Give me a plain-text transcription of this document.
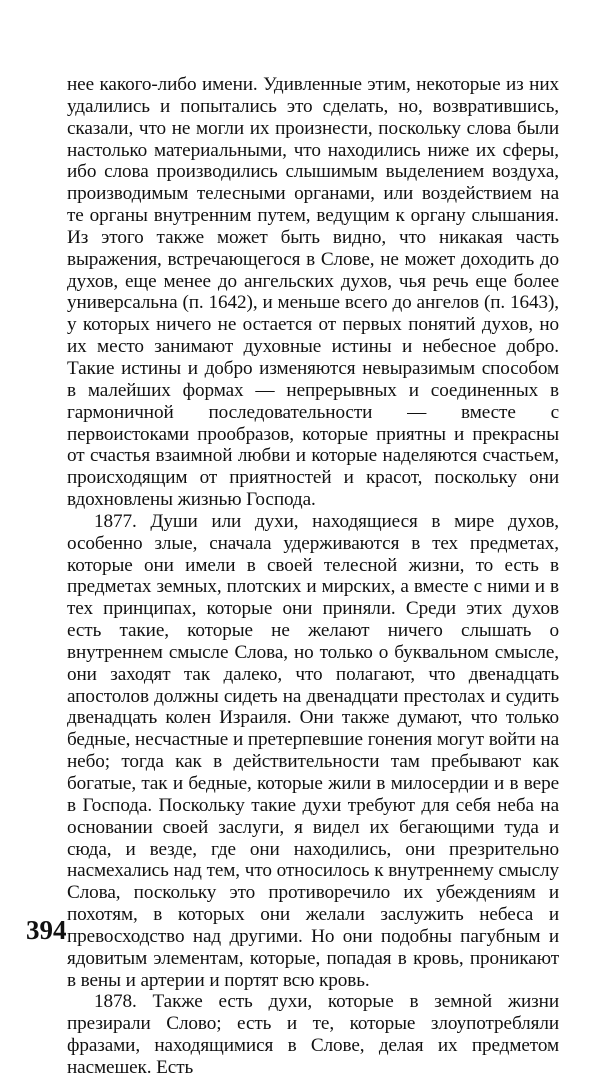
нее какого-либо имени. Удивленные этим, некоторые из них удалились и попытались это сделать, но, возвратившись, сказали, что не могли их произнести, поскольку слова были настолько материальными, что находились ниже их сферы, ибо слова производились слышимым выделением воздуха, производимым телесными органами, или воздействием на те органы внутренним путем, ведущим к органу слышания. Из этого также может быть видно, что никакая часть выражения, встречающегося в Слове, не может доходить до духов, еще менее до ангельских духов, чья речь еще более универсальна (п. 1642), и меньше всего до ангелов (п. 1643), у которых ничего не остается от первых понятий духов, но их место занимают духовные истины и небесное добро. Такие истины и добро изменяются невыразимым способом в малейших формах — непрерывных и соединенных в гармоничной последовательности — вместе с первоистоками прообразов, которые приятны и прекрасны от счастья взаимной любви и которые наделяются счастьем, происходящим от приятностей и красот, поскольку они вдохновлены жизнью Господа.

1877. Души или духи, находящиеся в мире духов, особенно злые, сначала удерживаются в тех предметах, которые они имели в своей телесной жизни, то есть в предметах земных, плотских и мирских, а вместе с ними и в тех принципах, которые они приняли. Среди этих духов есть такие, которые не желают ничего слышать о внутреннем смысле Слова, но только о буквальном смысле, они заходят так далеко, что полагают, что двенадцать апостолов должны сидеть на двенадцати престолах и судить двенадцать колен Израиля. Они также думают, что только бедные, несчастные и претерпевшие гонения могут войти на небо; тогда как в действительности там пребывают как богатые, так и бедные, которые жили в милосердии и в вере в Господа. Поскольку такие духи требуют для себя неба на основании своей заслуги, я видел их бегающими туда и сюда, и везде, где они находились, они презрительно насмехались над тем, что относилось к внутреннему смыслу Слова, поскольку это противоречило их убеждениям и похотям, в которых они желали заслужить небеса и превосходство над другими. Но они подобны пагубным и ядовитым элементам, которые, попадая в кровь, проникают в вены и артерии и портят всю кровь.

1878. Также есть духи, которые в земной жизни презирали Слово; есть и те, которые злоупотребляли фразами, находящимися в Слове, делая их предметом насмешек. Есть

394
